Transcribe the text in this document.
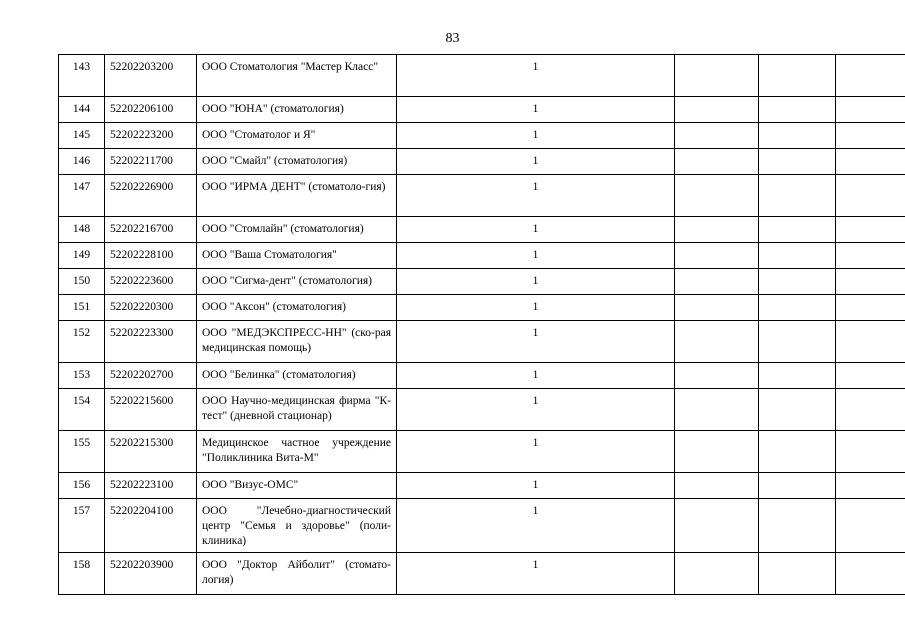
83
143	52202203200	ООО Стоматология "Мастер Класс"	1			
144	52202206100	ООО "ЮНА" (стоматология)	1			
145	52202223200	ООО "Стоматолог и Я"	1			
146	52202211700	ООО "Смайл" (стоматология)	1			
147	52202226900	ООО "ИРМА ДЕНТ" (стоматоло-гия)	1			
148	52202216700	ООО "Стомлайн" (стоматология)	1			
149	52202228100	ООО "Ваша Стоматология"	1			
150	52202223600	ООО "Сигма-дент" (стоматология)	1			
151	52202220300	ООО "Аксон" (стоматология)	1			
152	52202223300	ООО "МЕДЭКСПРЕСС-НН" (ско-рая медицинская помощь)	1			
153	52202202700	ООО "Белинка" (стоматология)	1			
154	52202215600	ООО Научно-медицинская фирма "К-тест" (дневной стационар)	1			
155	52202215300	Медицинское частное учреждение "Поликлиника Вита-М"	1			
156	52202223100	ООО "Визус-ОМС"	1			
157	52202204100	ООО "Лечебно-диагностический центр "Семья и здоровье" (поли-клиника)	1			
158	52202203900	ООО "Доктор Айболит" (стомато-логия)	1			
